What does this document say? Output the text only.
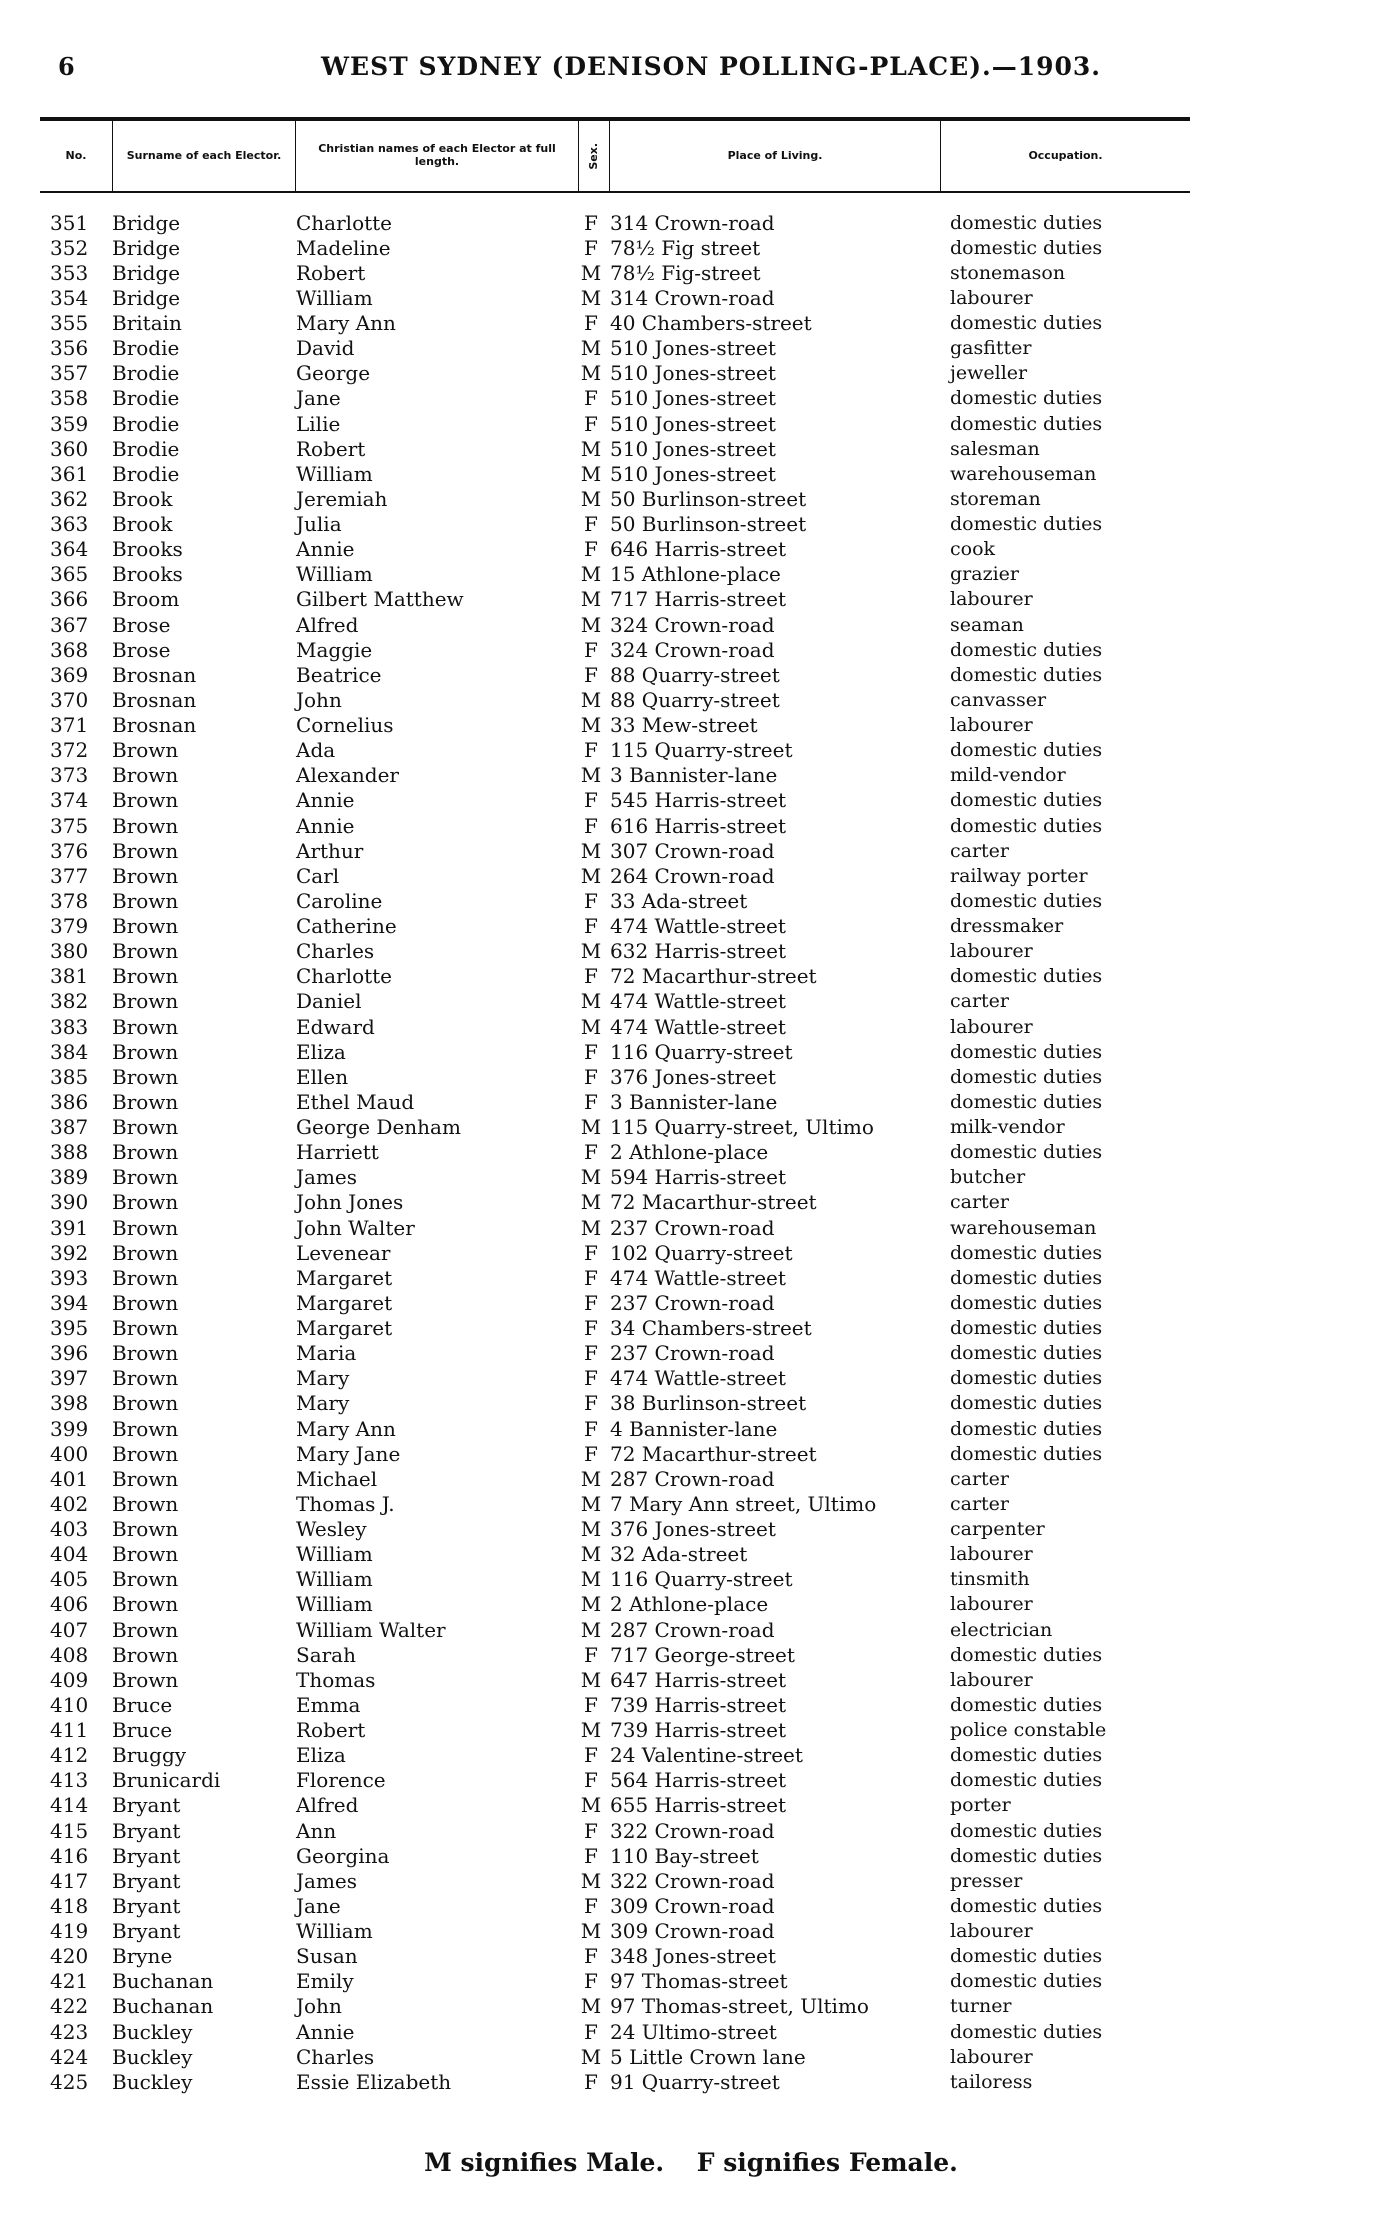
6	WEST SYDNEY (DENISON POLLING-PLACE).—1903.
No.	Surname of each Elector.	Christian names of each Elector at full length.	Sex.	Place of Living.	Occupation.
351	Bridge	Charlotte	F 314 Crown-road	domestic duties
352	Bridge	Madeline	F 78½ Fig street	domestic duties
353	Bridge	Robert	M 78½ Fig-street	stonemason
354	Bridge	William	M 314 Crown-road	labourer
355	Britain	Mary Ann	F 40 Chambers-street	domestic duties
356	Brodie	David	M 510 Jones-street	gasfitter
357	Brodie	George	M 510 Jones-street	jeweller
358	Brodie	Jane	F 510 Jones-street	domestic duties
359	Brodie	Lilie	F 510 Jones-street	domestic duties
360	Brodie	Robert	M 510 Jones-street	salesman
361	Brodie	William	M 510 Jones-street	warehouseman
362	Brook	Jeremiah	M 50 Burlinson-street	storeman
363	Brook	Julia	F 50 Burlinson-street	domestic duties
364	Brooks	Annie	F 646 Harris-street	cook
365	Brooks	William	M 15 Athlone-place	grazier
366	Broom	Gilbert Matthew	M 717 Harris-street	labourer
367	Brose	Alfred	M 324 Crown-road	seaman
368	Brose	Maggie	F 324 Crown-road	domestic duties
369	Brosnan	Beatrice	F 88 Quarry-street	domestic duties
370	Brosnan	John	M 88 Quarry-street	canvasser
371	Brosnan	Cornelius	M 33 Mew-street	labourer
372	Brown	Ada	F 115 Quarry-street	domestic duties
373	Brown	Alexander	M 3 Bannister-lane	mild-vendor
374	Brown	Annie	F 545 Harris-street	domestic duties
375	Brown	Annie	F 616 Harris-street	domestic duties
376	Brown	Arthur	M 307 Crown-road	carter
377	Brown	Carl	M 264 Crown-road	railway porter
378	Brown	Caroline	F 33 Ada-street	domestic duties
379	Brown	Catherine	F 474 Wattle-street	dressmaker
380	Brown	Charles	M 632 Harris-street	labourer
381	Brown	Charlotte	F 72 Macarthur-street	domestic duties
382	Brown	Daniel	M 474 Wattle-street	carter
383	Brown	Edward	M 474 Wattle-street	labourer
384	Brown	Eliza	F 116 Quarry-street	domestic duties
385	Brown	Ellen	F 376 Jones-street	domestic duties
386	Brown	Ethel Maud	F 3 Bannister-lane	domestic duties
387	Brown	George Denham	M 115 Quarry-street, Ultimo	milk-vendor
388	Brown	Harriett	F 2 Athlone-place	domestic duties
389	Brown	James	M 594 Harris-street	butcher
390	Brown	John Jones	M 72 Macarthur-street	carter
391	Brown	John Walter	M 237 Crown-road	warehouseman
392	Brown	Levenear	F 102 Quarry-street	domestic duties
393	Brown	Margaret	F 474 Wattle-street	domestic duties
394	Brown	Margaret	F 237 Crown-road	domestic duties
395	Brown	Margaret	F 34 Chambers-street	domestic duties
396	Brown	Maria	F 237 Crown-road	domestic duties
397	Brown	Mary	F 474 Wattle-street	domestic duties
398	Brown	Mary	F 38 Burlinson-street	domestic duties
399	Brown	Mary Ann	F 4 Bannister-lane	domestic duties
400	Brown	Mary Jane	F 72 Macarthur-street	domestic duties
401	Brown	Michael	M 287 Crown-road	carter
402	Brown	Thomas J.	M 7 Mary Ann street, Ultimo	carter
403	Brown	Wesley	M 376 Jones-street	carpenter
404	Brown	William	M 32 Ada-street	labourer
405	Brown	William	M 116 Quarry-street	tinsmith
406	Brown	William	M 2 Athlone-place	labourer
407	Brown	William Walter	M 287 Crown-road	electrician
408	Brown	Sarah	F 717 George-street	domestic duties
409	Brown	Thomas	M 647 Harris-street	labourer
410	Bruce	Emma	F 739 Harris-street	domestic duties
411	Bruce	Robert	M 739 Harris-street	police constable
412	Bruggy	Eliza	F 24 Valentine-street	domestic duties
413	Brunicardi	Florence	F 564 Harris-street	domestic duties
414	Bryant	Alfred	M 655 Harris-street	porter
415	Bryant	Ann	F 322 Crown-road	domestic duties
416	Bryant	Georgina	F 110 Bay-street	domestic duties
417	Bryant	James	M 322 Crown-road	presser
418	Bryant	Jane	F 309 Crown-road	domestic duties
419	Bryant	William	M 309 Crown-road	labourer
420	Bryne	Susan	F 348 Jones-street	domestic duties
421	Buchanan	Emily	F 97 Thomas-street	domestic duties
422	Buchanan	John	M 97 Thomas-street, Ultimo	turner
423	Buckley	Annie	F 24 Ultimo-street	domestic duties
424	Buckley	Charles	M 5 Little Crown lane	labourer
425	Buckley	Essie Elizabeth	F 91 Quarry-street	tailoress
M signifies Male. F signifies Female.
